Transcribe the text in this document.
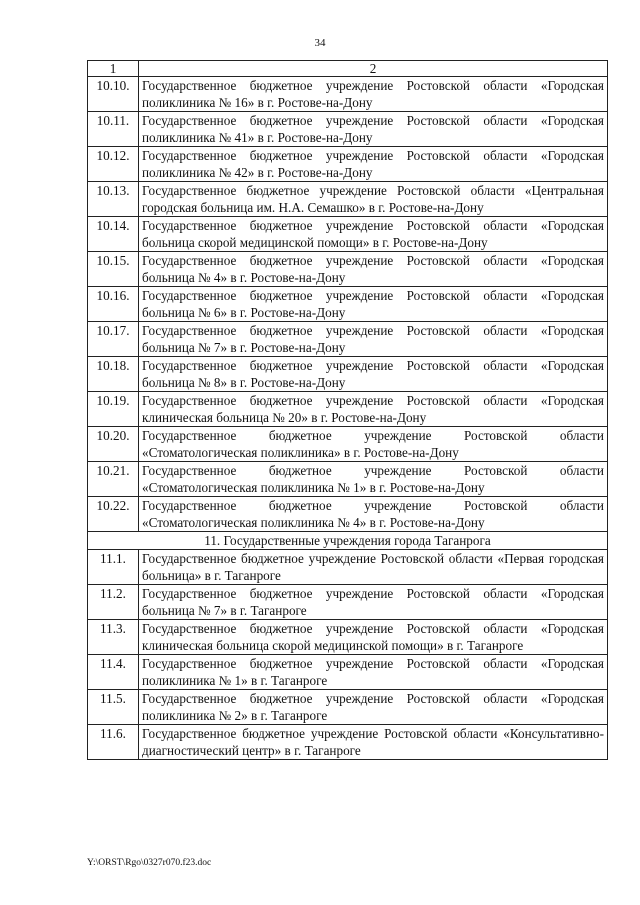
34
1	2
10.10.	Государственное бюджетное учреждение Ростовской области «Городская поликлиника № 16» в г. Ростове-на-Дону
10.11.	Государственное бюджетное учреждение Ростовской области «Городская поликлиника № 41» в г. Ростове-на-Дону
10.12.	Государственное бюджетное учреждение Ростовской области «Городская поликлиника № 42» в г. Ростове-на-Дону
10.13.	Государственное бюджетное учреждение Ростовской области «Центральная городская больница им. Н.А. Семашко» в г. Ростове-на-Дону
10.14.	Государственное бюджетное учреждение Ростовской области «Городская больница скорой медицинской помощи» в г. Ростове-на-Дону
10.15.	Государственное бюджетное учреждение Ростовской области «Городская больница № 4» в г. Ростове-на-Дону
10.16.	Государственное бюджетное учреждение Ростовской области «Городская больница № 6» в г. Ростове-на-Дону
10.17.	Государственное бюджетное учреждение Ростовской области «Городская больница № 7» в г. Ростове-на-Дону
10.18.	Государственное бюджетное учреждение Ростовской области «Городская больница № 8» в г. Ростове-на-Дону
10.19.	Государственное бюджетное учреждение Ростовской области «Городская клиническая больница № 20» в г. Ростове-на-Дону
10.20.	Государственное бюджетное учреждение Ростовской области «Стоматологическая поликлиника» в г. Ростове-на-Дону
10.21.	Государственное бюджетное учреждение Ростовской области «Стоматологическая поликлиника № 1» в г. Ростове-на-Дону
10.22.	Государственное бюджетное учреждение Ростовской области «Стоматологическая поликлиника № 4» в г. Ростове-на-Дону
11. Государственные учреждения города Таганрога	
11.1.	Государственное бюджетное учреждение Ростовской области «Первая городская больница» в г. Таганроге
11.2.	Государственное бюджетное учреждение Ростовской области «Городская больница № 7» в г. Таганроге
11.3.	Государственное бюджетное учреждение Ростовской области «Городская клиническая больница скорой медицинской помощи» в г. Таганроге
11.4.	Государственное бюджетное учреждение Ростовской области «Городская поликлиника № 1» в г. Таганроге
11.5.	Государственное бюджетное учреждение Ростовской области «Городская поликлиника № 2» в г. Таганроге
11.6.	Государственное бюджетное учреждение Ростовской области «Консультативно-диагностический центр» в г. Таганроге
Y:\ORST\Rgo\0327r070.f23.doc
